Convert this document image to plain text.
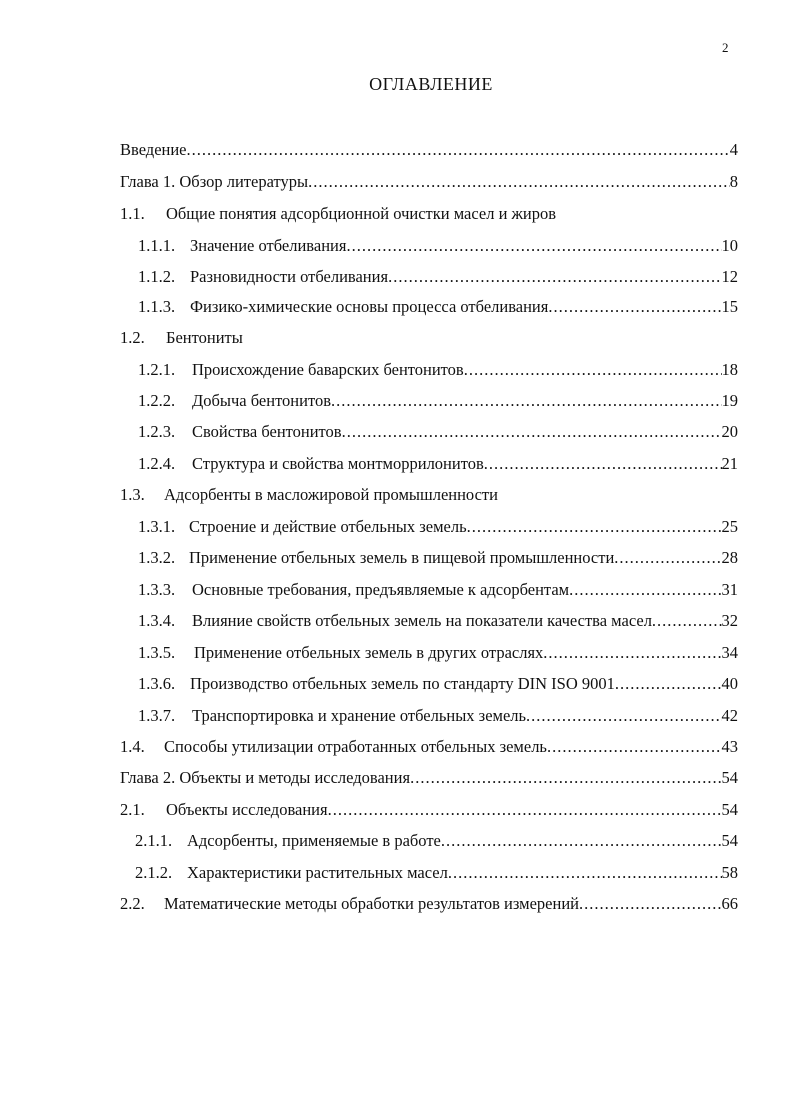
2
ОГЛАВЛЕНИЕ
Введение .....	4
Глава 1. Обзор литературы .....	8
1.1. Общие понятия адсорбционной очистки масел и жиров
1.1.1. Значение отбеливания .....	10
1.1.2. Разновидности отбеливания .....	12
1.1.3. Физико-химические основы процесса отбеливания .....	15
1.2. Бентониты
1.2.1. Происхождение баварских бентонитов .....	18
1.2.2. Добыча бентонитов .....	19
1.2.3. Свойства бентонитов .....	20
1.2.4. Структура и свойства монтморрилонитов .....	21
1.3. Адсорбенты в масложировой промышленности
1.3.1. Строение и действие отбельных земель .....	25
1.3.2. Применение отбельных земель в пищевой промышленности .....	28
1.3.3. Основные требования, предъявляемые к адсорбентам .....	31
1.3.4. Влияние свойств отбельных земель на показатели качества масел .....	32
1.3.5. Применение отбельных земель в других отраслях .....	34
1.3.6. Производство отбельных земель по стандарту DIN ISO 9001 .....	40
1.3.7. Транспортировка и хранение отбельных земель .....	42
1.4. Способы утилизации отработанных отбельных земель .....	43
Глава 2. Объекты и методы исследования .....	54
2.1. Объекты исследования .....	54
2.1.1. Адсорбенты, применяемые в работе .....	54
2.1.2. Характеристики растительных масел .....	58
2.2. Математические методы обработки результатов измерений .....	66
